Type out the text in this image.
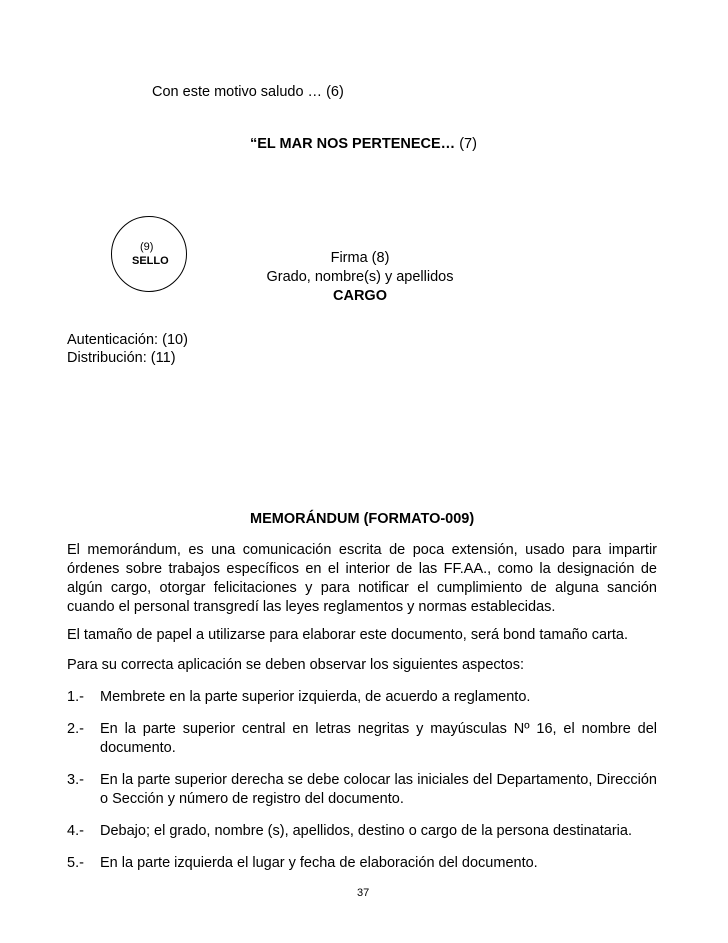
Con este motivo saludo … (6)
“EL MAR NOS PERTENECE… (7)
(9)
SELLO	Firma (8)
Grado, nombre(s) y apellidos
CARGO
Autenticación: (10)
Distribución: (11)
MEMORÁNDUM (FORMATO-009)
El memorándum, es una comunicación escrita de poca extensión, usado para impartir órdenes sobre trabajos específicos en el interior de las FF.AA., como la designación de algún cargo, otorgar felicitaciones y para notificar el cumplimiento de alguna sanción cuando el personal transgredí las leyes reglamentos y normas establecidas.
El tamaño de papel a utilizarse para elaborar este documento, será bond tamaño carta.
Para su correcta aplicación se deben observar los siguientes aspectos:
1.- Membrete en la parte superior izquierda, de acuerdo a reglamento.
2.- En la parte superior central en letras negritas y mayúsculas Nº 16, el nombre del documento.
3.- En la parte superior derecha se debe colocar las iniciales del Departamento, Dirección o Sección y número de registro del documento.
4.- Debajo; el grado, nombre (s), apellidos, destino o cargo de la persona destinataria.
5.- En la parte izquierda el lugar y fecha de elaboración del documento.
37
